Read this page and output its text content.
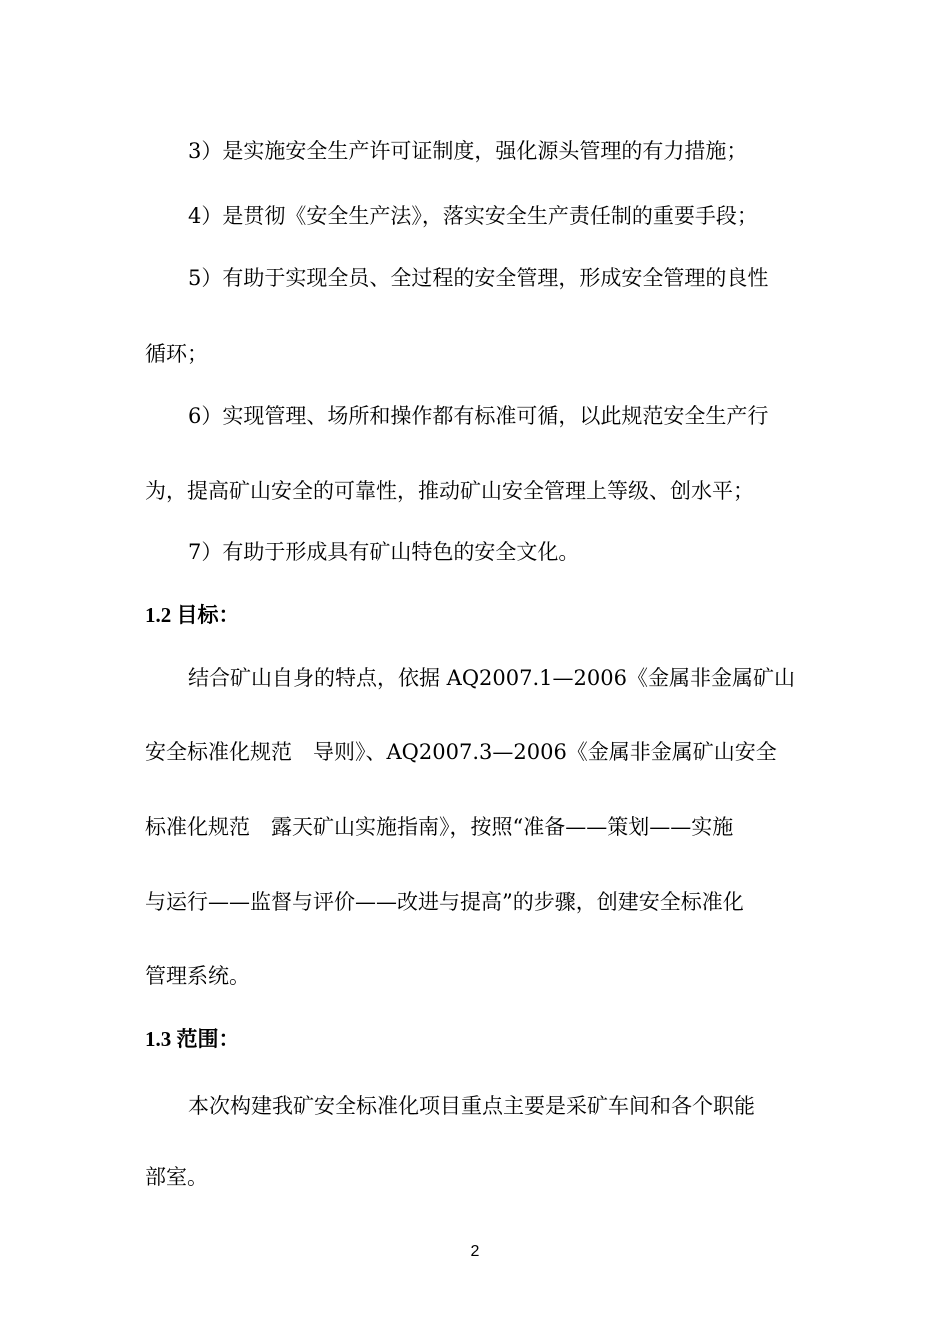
3）是实施安全生产许可证制度，强化源头管理的有力措施；
4）是贯彻《安全生产法》，落实安全生产责任制的重要手段；
5）有助于实现全员、全过程的安全管理，形成安全管理的良性
循环；
6）实现管理、场所和操作都有标准可循，以此规范安全生产行
为，提高矿山安全的可靠性，推动矿山安全管理上等级、创水平；
7）有助于形成具有矿山特色的安全文化。
1.2 目标：
结合矿山自身的特点，依据 AQ2007.1—2006《金属非金属矿山
安全标准化规范　导则》、AQ2007.3—2006《金属非金属矿山安全
标准化规范　露天矿山实施指南》，按照“准备——策划——实施
与运行——监督与评价——改进与提高”的步骤，创建安全标准化
管理系统。
1.3 范围：
本次构建我矿安全标准化项目重点主要是采矿车间和各个职能
部室。
2
